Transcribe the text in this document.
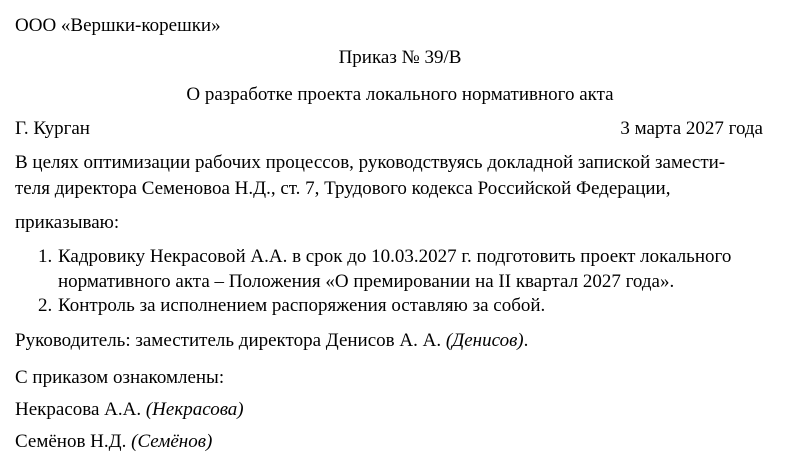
ООО «Вершки-корешки»
Приказ № 39/В
О разработке проекта локального нормативного акта
Г. Курган	3 марта 2027 года
В целях оптимизации рабочих процессов, руководствуясь докладной запиской замести-
теля директора Семеновоа Н.Д., ст. 7, Трудового кодекса Российской Федерации,
приказываю:
1. Кадровику Некрасовой А.А. в срок до 10.03.2027 г. подготовить проект локального
нормативного акта – Положения «О премировании на II квартал 2027 года».
2. Контроль за исполнением распоряжения оставляю за собой.
Руководитель: заместитель директора Денисов А. А. (Денисов).
С приказом ознакомлены:
Некрасова А.А. (Некрасова)
Семёнов Н.Д. (Семёнов)
